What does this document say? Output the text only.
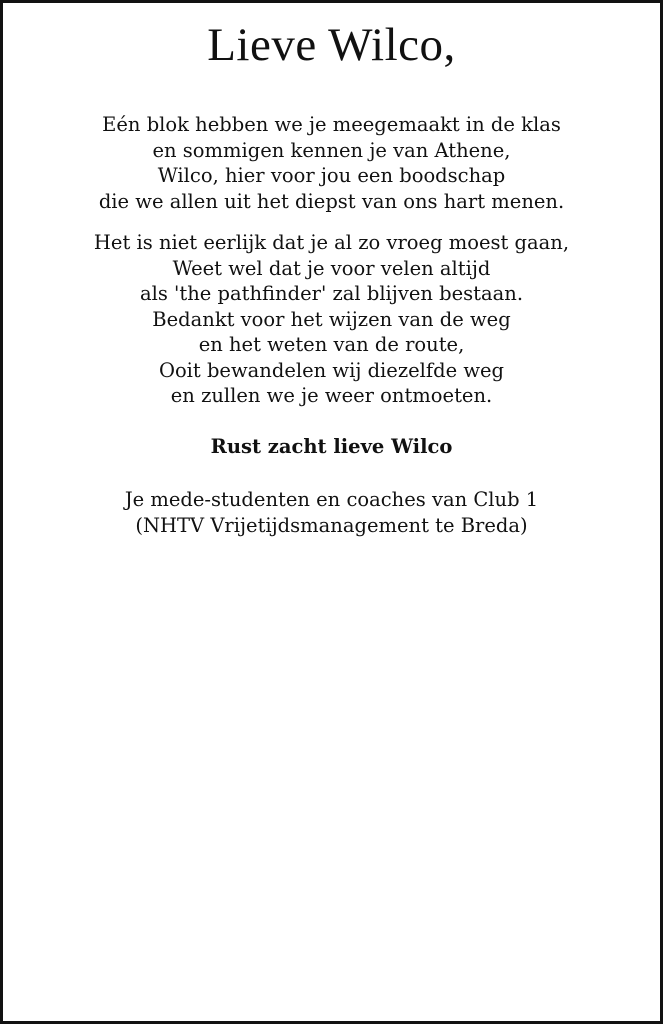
Lieve Wilco,

Eén blok hebben we je meegemaakt in de klas
en sommigen kennen je van Athene,
Wilco, hier voor jou een boodschap
die we allen uit het diepst van ons hart menen.

Het is niet eerlijk dat je al zo vroeg moest gaan,
Weet wel dat je voor velen altijd
als 'the pathfinder' zal blijven bestaan.
Bedankt voor het wijzen van de weg
en het weten van de route,
Ooit bewandelen wij diezelfde weg
en zullen we je weer ontmoeten.

Rust zacht lieve Wilco

Je mede-studenten en coaches van Club 1
(NHTV Vrijetijdsmanagement te Breda)
